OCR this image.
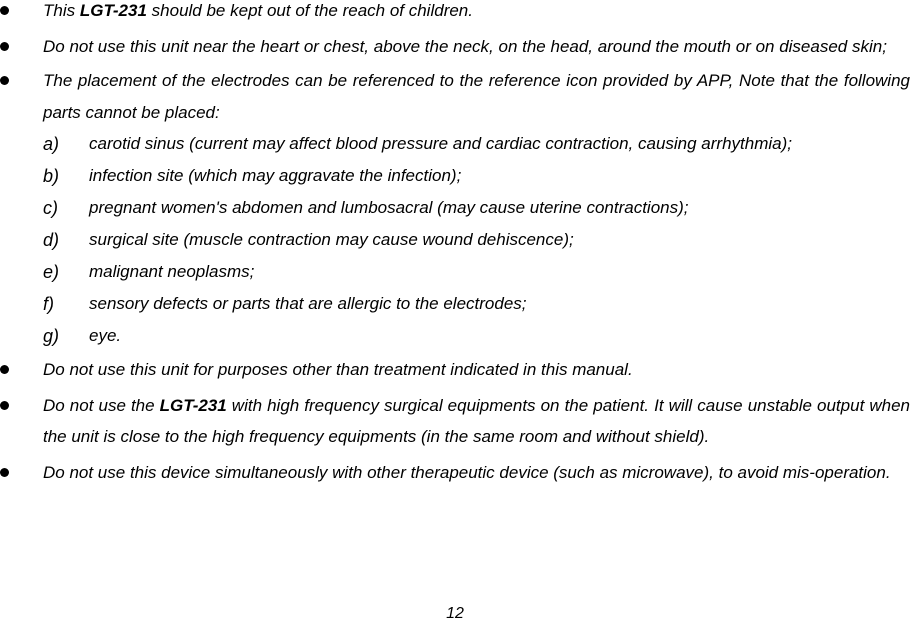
This LGT-231 should be kept out of the reach of children.
Do not use this unit near the heart or chest, above the neck, on the head, around the mouth or on diseased skin;
The placement of the electrodes can be referenced to the reference icon provided by APP, Note that the following parts cannot be placed:
a) carotid sinus (current may affect blood pressure and cardiac contraction, causing arrhythmia);
b) infection site (which may aggravate the infection);
c) pregnant women's abdomen and lumbosacral (may cause uterine contractions);
d) surgical site (muscle contraction may cause wound dehiscence);
e) malignant neoplasms;
f) sensory defects or parts that are allergic to the electrodes;
g) eye.
Do not use this unit for purposes other than treatment indicated in this manual.
Do not use the LGT-231 with high frequency surgical equipments on the patient. It will cause unstable output when the unit is close to the high frequency equipments (in the same room and without shield).
Do not use this device simultaneously with other therapeutic device (such as microwave), to avoid mis-operation.
12
